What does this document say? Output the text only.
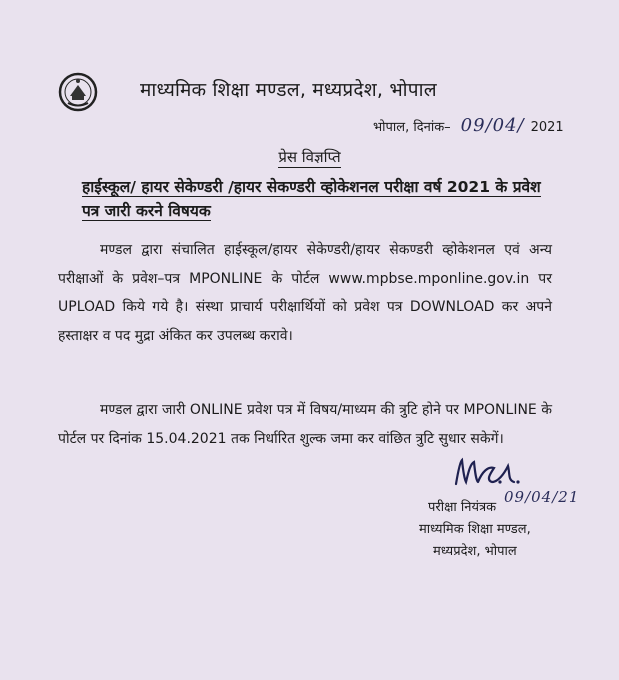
माध्यमिक शिक्षा मण्डल, मध्यप्रदेश, भोपाल
भोपाल, दिनांक– 09/04/ 2021
प्रेस विज्ञप्ति
हाईस्कूल/ हायर सेकेण्डरी /हायर सेकण्डरी व्होकेशनल परीक्षा वर्ष 2021 के प्रवेश पत्र जारी करने विषयक
मण्डल द्वारा संचालित हाईस्कूल/हायर सेकेण्डरी/हायर सेकण्डरी व्होकेशनल एवं अन्य परीक्षाओं के प्रवेश–पत्र MPONLINE के पोर्टल www.mpbse.mponline.gov.in पर UPLOAD किये गये है। संस्था प्राचार्य परीक्षार्थियों को प्रवेश पत्र DOWNLOAD कर अपने हस्ताक्षर व पद मुद्रा अंकित कर उपलब्ध करावे।
मण्डल द्वारा जारी ONLINE प्रवेश पत्र में विषय/माध्यम की त्रुटि होने पर MPONLINE के पोर्टल पर दिनांक 15.04.2021 तक निर्धारित शुल्क जमा कर वांछित त्रुटि सुधार सकेगें।
09/04/21
परीक्षा नियंत्रक
माध्यमिक शिक्षा मण्डल,
मध्यप्रदेश, भोपाल
